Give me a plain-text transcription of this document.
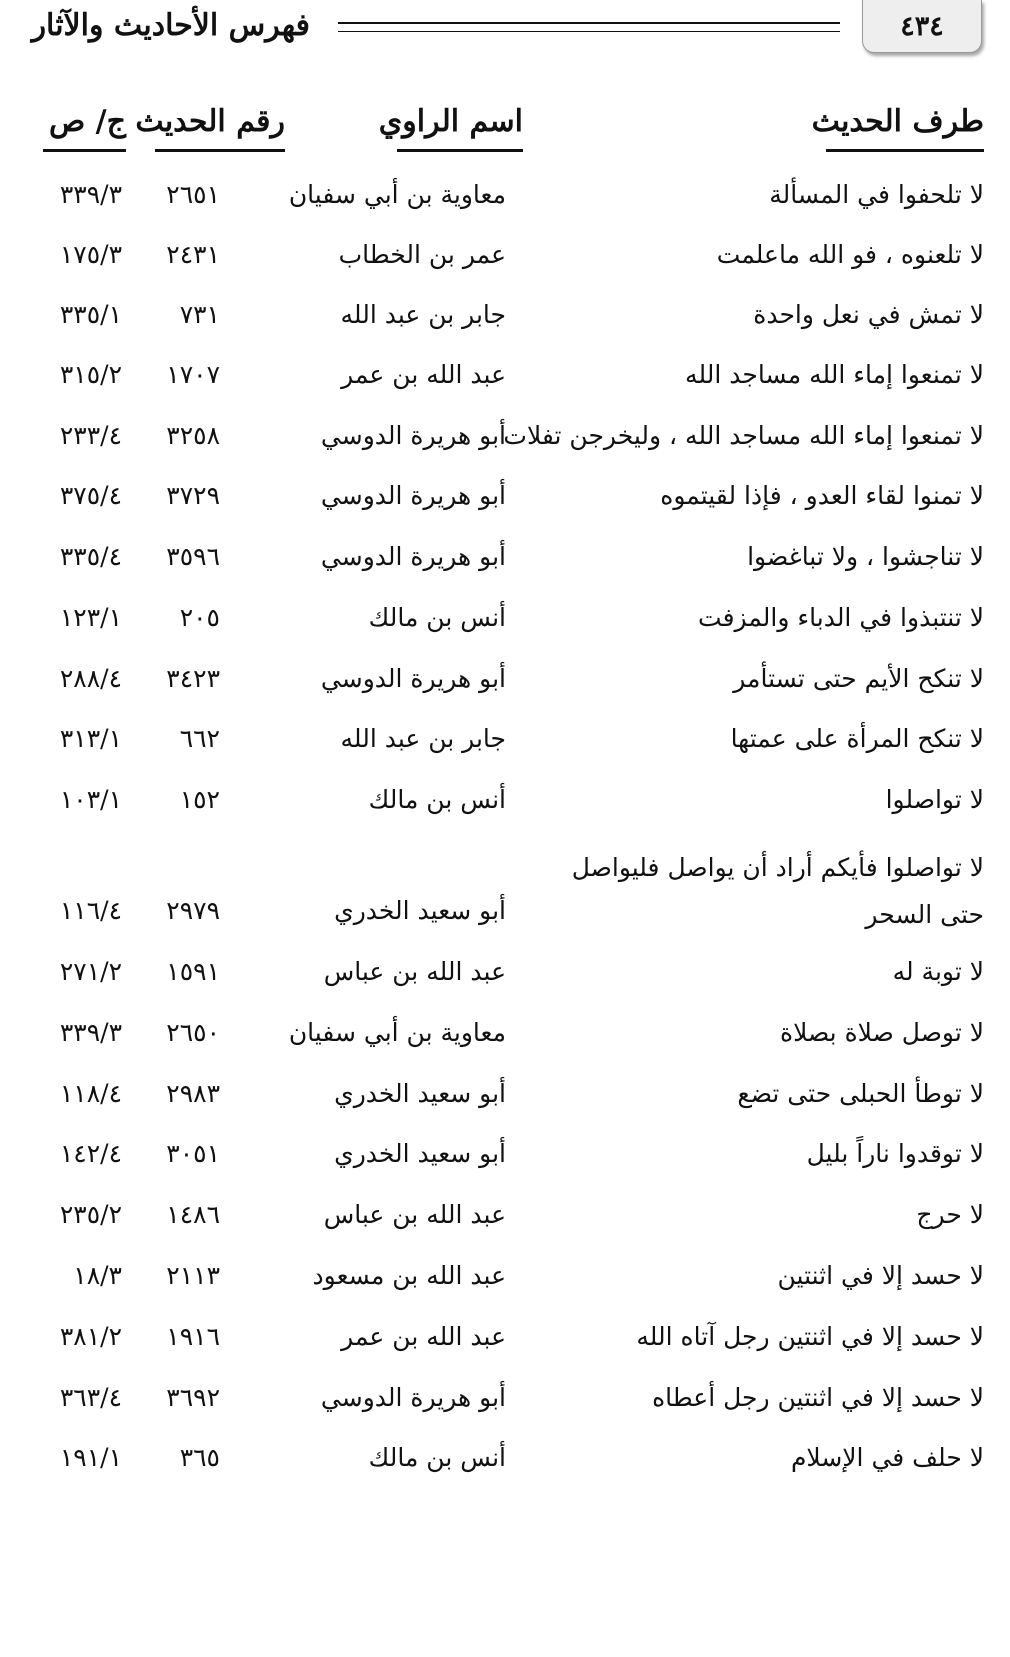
٤٣٤
فهرس الأحاديث والآثار
طرف الحديث
اسم الراوي
رقم الحديث
ج/ ص
لا تلحفوا في المسألة
معاوية بن أبي سفيان
٢٦٥١
٣٣٩/٣
لا تلعنوه ، فو الله ماعلمت
عمر بن الخطاب
٢٤٣١
١٧٥/٣
لا تمش في نعل واحدة
جابر بن عبد الله
٧٣١
٣٣٥/١
لا تمنعوا إماء الله مساجد الله
عبد الله بن عمر
١٧٠٧
٣١٥/٢
لا تمنعوا إماء الله مساجد الله ، وليخرجن تفلات
أبو هريرة الدوسي
٣٢٥٨
٢٣٣/٤
لا تمنوا لقاء العدو ، فإذا لقيتموه
أبو هريرة الدوسي
٣٧٢٩
٣٧٥/٤
لا تناجشوا ، ولا تباغضوا
أبو هريرة الدوسي
٣٥٩٦
٣٣٥/٤
لا تنتبذوا في الدباء والمزفت
أنس بن مالك
٢٠٥
١٢٣/١
لا تنكح الأيم حتى تستأمر
أبو هريرة الدوسي
٣٤٢٣
٢٨٨/٤
لا تنكح المرأة على عمتها
جابر بن عبد الله
٦٦٢
٣١٣/١
لا تواصلوا
أنس بن مالك
١٥٢
١٠٣/١
لا تواصلوا فأيكم أراد أن يواصل فليواصل حتى السحر
أبو سعيد الخدري
٢٩٧٩
١١٦/٤
لا توبة له
عبد الله بن عباس
١٥٩١
٢٧١/٢
لا توصل صلاة بصلاة
معاوية بن أبي سفيان
٢٦٥٠
٣٣٩/٣
لا توطأ الحبلى حتى تضع
أبو سعيد الخدري
٢٩٨٣
١١٨/٤
لا توقدوا ناراً بليل
أبو سعيد الخدري
٣٠٥١
١٤٢/٤
لا حرج
عبد الله بن عباس
١٤٨٦
٢٣٥/٢
لا حسد إلا في اثنتين
عبد الله بن مسعود
٢١١٣
١٨/٣
لا حسد إلا في اثنتين رجل آتاه الله
عبد الله بن عمر
١٩١٦
٣٨١/٢
لا حسد إلا في اثنتين رجل أعطاه
أبو هريرة الدوسي
٣٦٩٢
٣٦٣/٤
لا حلف في الإسلام
أنس بن مالك
٣٦٥
١٩١/١
